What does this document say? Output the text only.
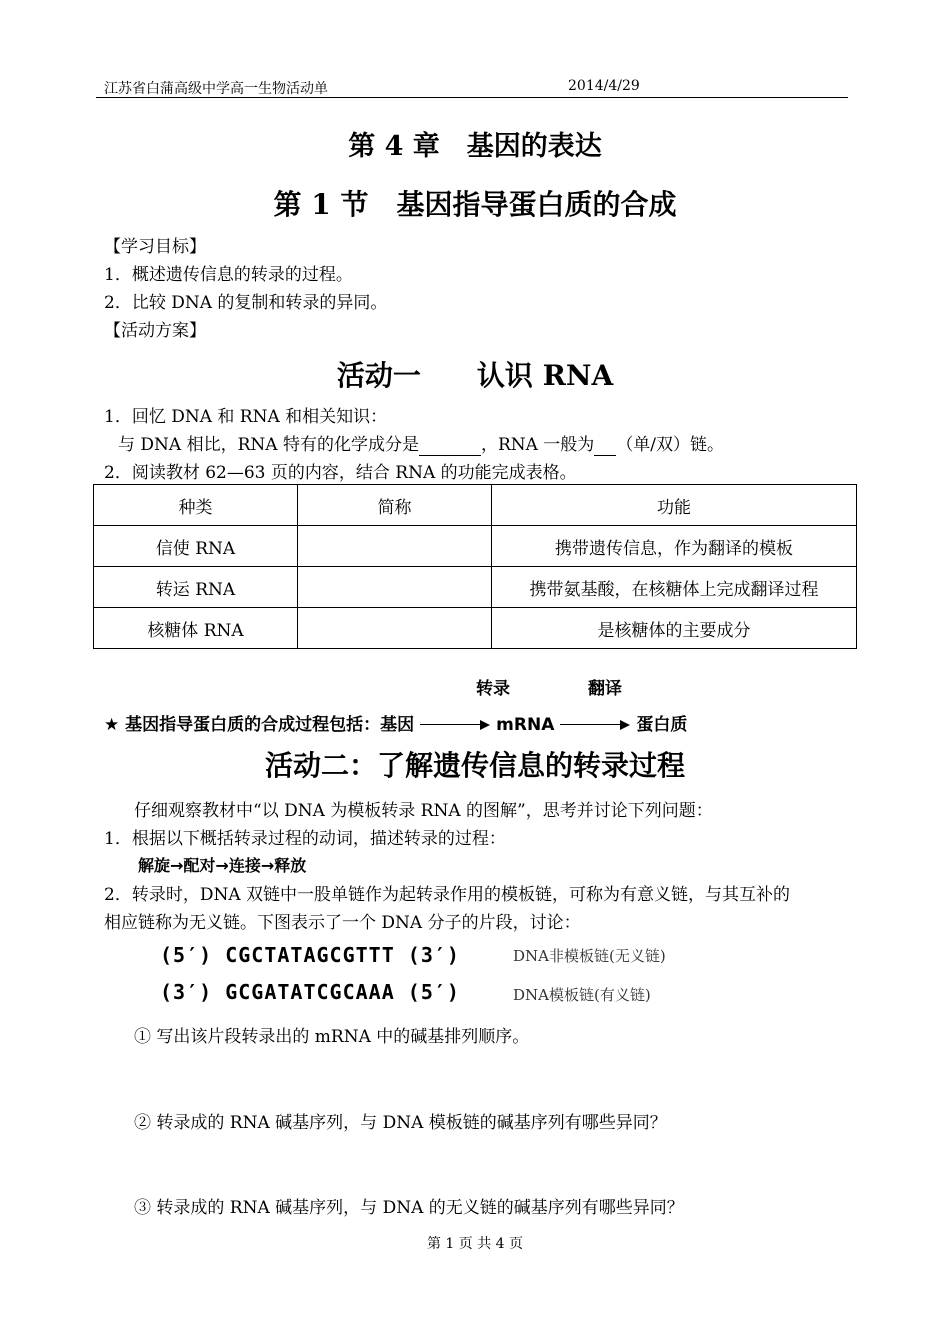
江苏省白蒲高级中学高一生物活动单	2014/4/29
第 4 章　基因的表达
第 1 节　基因指导蛋白质的合成
【学习目标】
1．概述遗传信息的转录的过程。
2．比较 DNA 的复制和转录的异同。
【活动方案】
活动一　　认识 RNA
1．回忆 DNA 和 RNA 和相关知识：
与 DNA 相比，RNA 特有的化学成分是	，RNA 一般为 （单/双）链。
2．阅读教材 62—63 页的内容，结合 RNA 的功能完成表格。
种类	简称	功能
信使 RNA		携带遗传信息，作为翻译的模板
转运 RNA		携带氨基酸，在核糖体上完成翻译过程
核糖体 RNA		是核糖体的主要成分
转录	翻译
★ 基因指导蛋白质的合成过程包括：基因	mRNA	蛋白质
活动二：了解遗传信息的转录过程
仔细观察教材中“以 DNA 为模板转录 RNA 的图解”，思考并讨论下列问题：
1．根据以下概括转录过程的动词，描述转录的过程：
解旋→配对→连接→释放
2．转录时，DNA 双链中一股单链作为起转录作用的模板链，可称为有意义链，与其互补的
相应链称为无义链。下图表示了一个 DNA 分子的片段，讨论：
(5′) CGCTATAGCGTTT (3′)	DNA非模板链(无义链)
(3′) GCGATATCGCAAA (5′)	DNA模板链(有义链)
① 写出该片段转录出的 mRNA 中的碱基排列顺序。
② 转录成的 RNA 碱基序列，与 DNA 模板链的碱基序列有哪些异同？
③ 转录成的 RNA 碱基序列，与 DNA 的无义链的碱基序列有哪些异同？
第 1 页 共 4 页
